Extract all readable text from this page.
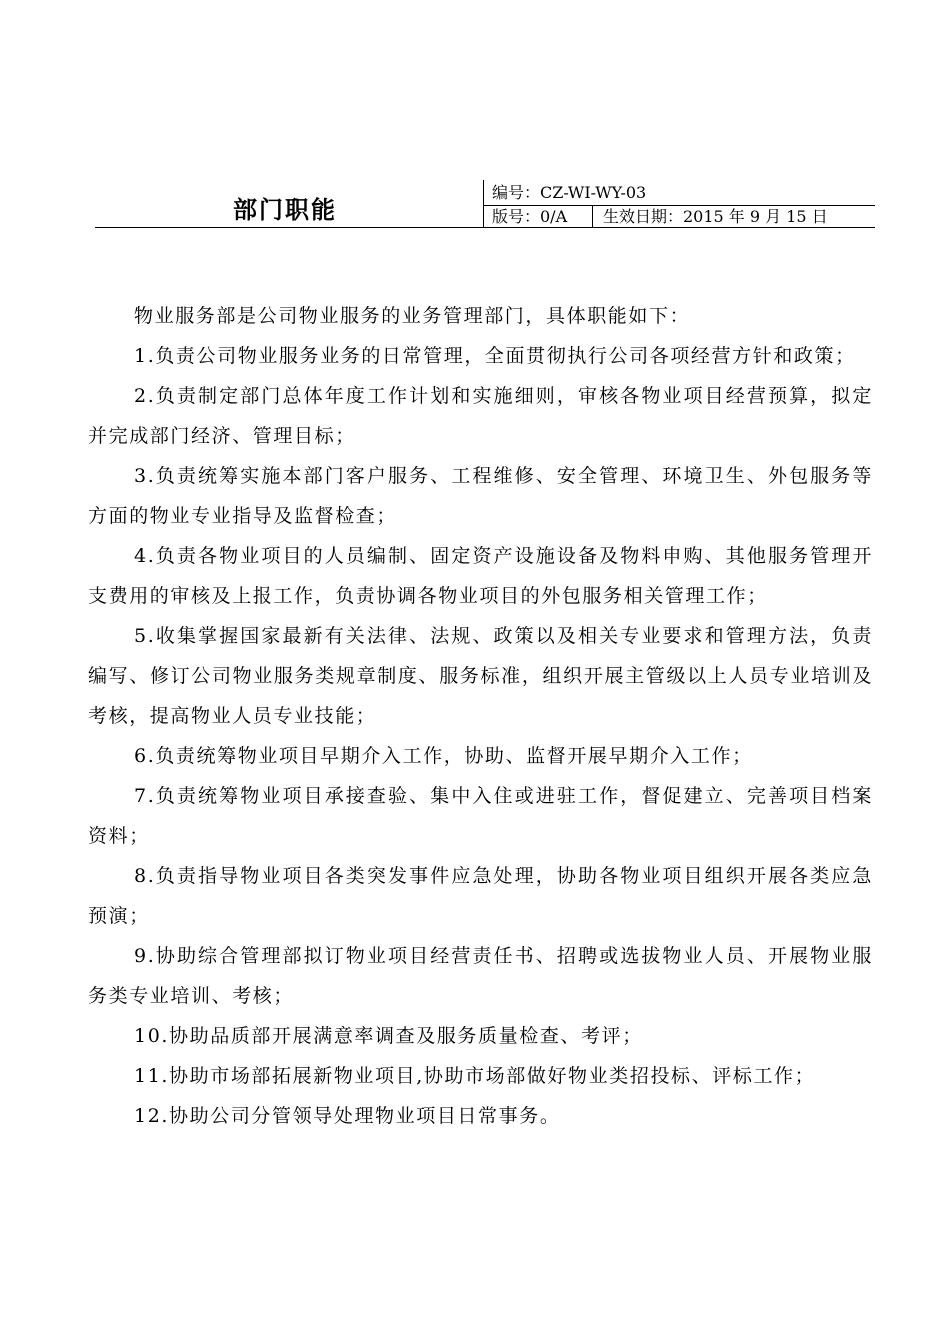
部门职能
编号：CZ-WI-WY-03
版号：0/A 生效日期：2015 年 9 月 15 日

物业服务部是公司物业服务的业务管理部门，具体职能如下：

1.负责公司物业服务业务的日常管理，全面贯彻执行公司各项经营方针和政策；

2.负责制定部门总体年度工作计划和实施细则，审核各物业项目经营预算，拟定并完成部门经济、管理目标；

3.负责统筹实施本部门客户服务、工程维修、安全管理、环境卫生、外包服务等方面的物业专业指导及监督检查；

4.负责各物业项目的人员编制、固定资产设施设备及物料申购、其他服务管理开支费用的审核及上报工作，负责协调各物业项目的外包服务相关管理工作；

5.收集掌握国家最新有关法律、法规、政策以及相关专业要求和管理方法，负责编写、修订公司物业服务类规章制度、服务标准，组织开展主管级以上人员专业培训及考核，提高物业人员专业技能；

6.负责统筹物业项目早期介入工作，协助、监督开展早期介入工作；

7.负责统筹物业项目承接查验、集中入住或进驻工作，督促建立、完善项目档案资料；

8.负责指导物业项目各类突发事件应急处理，协助各物业项目组织开展各类应急预演；

9.协助综合管理部拟订物业项目经营责任书、招聘或选拔物业人员、开展物业服务类专业培训、考核；

10.协助品质部开展满意率调查及服务质量检查、考评；

11.协助市场部拓展新物业项目,协助市场部做好物业类招投标、评标工作；

12.协助公司分管领导处理物业项目日常事务。
